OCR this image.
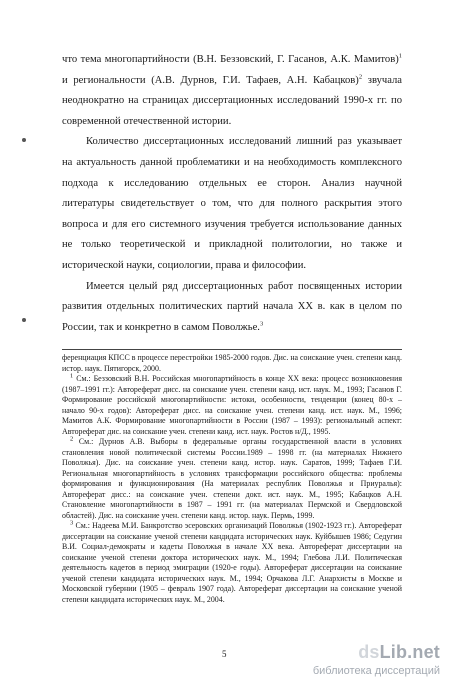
что тема многопартийности (В.Н. Беззовский, Г. Гасанов, А.К. Мамитов)$^1$ и региональности (А.В. Дурнов, Г.И. Тафаев, А.Н. Кабацков)$^2$ звучала неоднократно на страницах диссертационных исследований 1990-х гг. по современной отечественной истории.

Количество диссертационных исследований лишний раз указывает на актуальность данной проблематики и на необходимость комплексного подхода к исследованию отдельных ее сторон. Анализ научной литературы свидетельствует о том, что для полного раскрытия этого вопроса и для его системного изучения требуется использование данных не только теоретической и прикладной политологии, но также и исторической науки, социологии, права и философии.

Имеется целый ряд диссертационных работ посвященных истории развития отдельных политических партий начала XX в. как в целом по России, так и конкретно в самом Поволжье.$^3$

ференциация КПСС в процессе перестройки 1985-2000 годов. Дис. на соискание учен. степени канд. истор. наук. Пятигорск, 2000.

$^1$ См.: Беззовский В.Н. Российская многопартийность в конце XX века: процесс возникновения (1987–1991 гг.): Автореферат дисс. на соискание учен. степени канд. ист. наук. М., 1993; Гасанов Г. Формирование российской многопартийности: истоки, особенности, тенденции (конец 80-х – начало 90-х годов): Автореферат дисс. на соискание учен. степени канд. ист. наук. М., 1996; Мамитов А.К. Формирование многопартийности в России (1987 – 1993): региональный аспект: Автореферат дис. на соискание учен. степени канд. ист. наук. Ростов н/Д., 1995.

$^2$ См.: Дурнов А.В. Выборы в федеральные органы государственной власти в условиях становления новой политической системы России.1989 – 1998 гг. (на материалах Нижнего Поволжья). Дис. на соискание учен. степени канд. истор. наук. Саратов, 1999; Тафаев Г.И. Региональная многопартийность в условиях трансформации российского общества: проблемы формирования и функционирования (На материалах республик Поволжья и Приуралья): Автореферат дисс.: на соискание учен. степени докт. ист. наук. М., 1995; Кабацков А.Н. Становление многопартийности в 1987 – 1991 гг. (на материалах Пермской и Свердловской областей). Дис. на соискание учен. степени канд. истор. наук. Пермь, 1999.

$^3$ См.: Надеева М.И. Банкротство эсеровских организаций Поволжья (1902-1923 гг.). Автореферат диссертации на соискание ученой степени кандидата исторических наук. Куйбышев 1986; Седугин В.И. Социал-демократы и кадеты Поволжья в начале XX века. Автореферат диссертации на соискание ученой степени доктора исторических наук. М., 1994; Глебова Л.И. Политическая деятельность кадетов в период эмиграции (1920-е годы). Автореферат диссертации на соискание ученой степени кандидата исторических наук. М., 1994; Орчакова Л.Г. Анархисты в Москве и Московской губернии (1905 – февраль 1907 года). Автореферат диссертации на соискание ученой степени кандидата исторических наук. М., 2004.

5	dsLib.net
библиотека диссертаций
